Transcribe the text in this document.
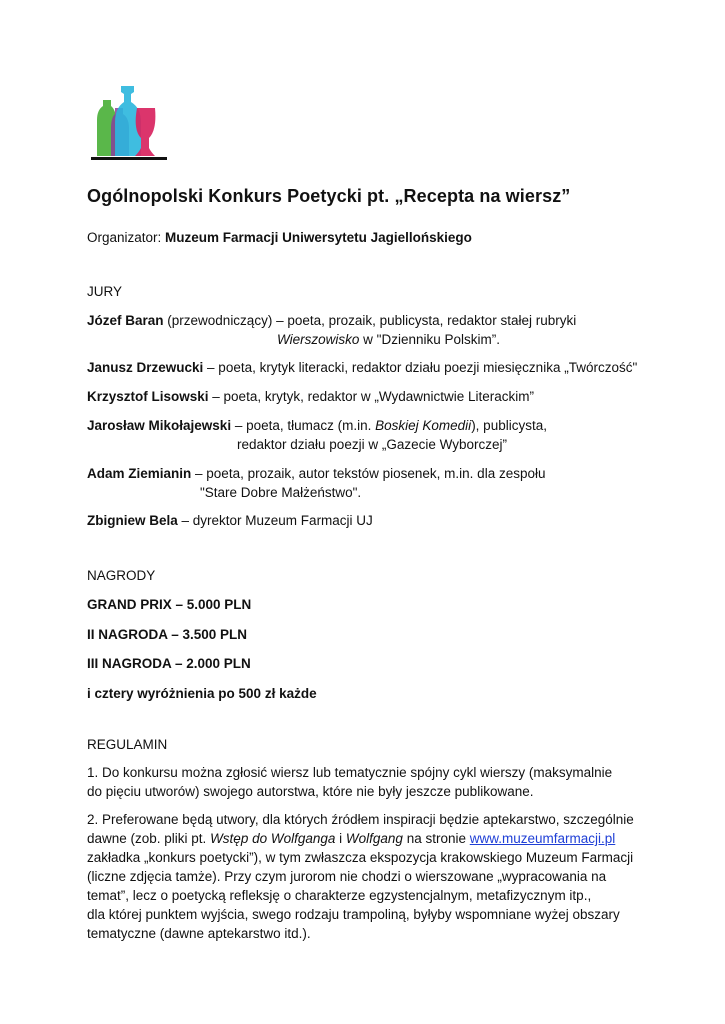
Ogólnopolski Konkurs Poetycki pt. „Recepta na wiersz”
Organizator: Muzeum Farmacji Uniwersytetu Jagiellońskiego
JURY
Józef Baran (przewodniczący) – poeta, prozaik, publicysta, redaktor stałej rubryki
Wierszowisko w "Dzienniku Polskim”.
Janusz Drzewucki – poeta, krytyk literacki, redaktor działu poezji miesięcznika „Twórczość"
Krzysztof Lisowski – poeta, krytyk, redaktor w „Wydawnictwie Literackim”
Jarosław Mikołajewski – poeta, tłumacz (m.in. Boskiej Komedii), publicysta,
redaktor działu poezji w „Gazecie Wyborczej”
Adam Ziemianin – poeta, prozaik, autor tekstów piosenek, m.in. dla zespołu
"Stare Dobre Małżeństwo".
Zbigniew Bela – dyrektor Muzeum Farmacji UJ
NAGRODY
GRAND PRIX – 5.000 PLN
II NAGRODA – 3.500 PLN
III NAGRODA – 2.000 PLN
i cztery wyróżnienia po 500 zł każde
REGULAMIN
1. Do konkursu można zgłosić wiersz lub tematycznie spójny cykl wierszy (maksymalnie
do pięciu utworów) swojego autorstwa, które nie były jeszcze publikowane.
2. Preferowane będą utwory, dla których źródłem inspiracji będzie aptekarstwo, szczególnie
dawne (zob. pliki pt. Wstęp do Wolfganga i Wolfgang na stronie www.muzeumfarmacji.pl
zakładka „konkurs poetycki”), w tym zwłaszcza ekspozycja krakowskiego Muzeum Farmacji
(liczne zdjęcia tamże). Przy czym jurorom nie chodzi o wierszowane „wypracowania na
temat”, lecz o poetycką refleksję o charakterze egzystencjalnym, metafizycznym itp.,
dla której punktem wyjścia, swego rodzaju trampoliną, byłyby wspomniane wyżej obszary
tematyczne (dawne aptekarstwo itd.).
